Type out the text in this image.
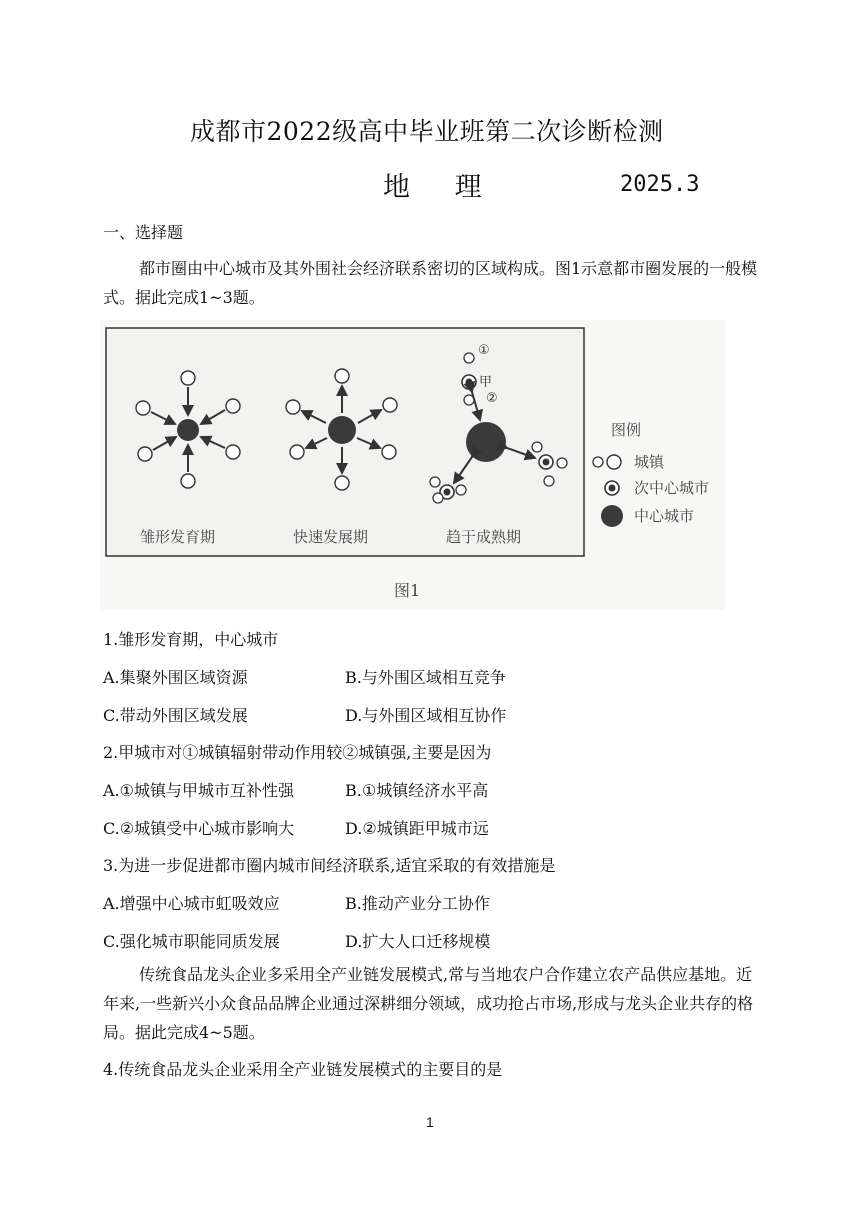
成都市2022级高中毕业班第二次诊断检测
地 理	2025.3
一、选择题
都市圈由中心城市及其外围社会经济联系密切的区域构成。图1示意都市圈发展的一般模式。据此完成1~3题。
①
甲
②
雏形发育期	快速发展期	趋于成熟期
图例
城镇
次中心城市
中心城市
图1
1.雏形发育期，中心城市
A.集聚外围区域资源	B.与外围区域相互竞争
C.带动外围区域发展	D.与外围区域相互协作
2.甲城市对①城镇辐射带动作用较②城镇强,主要是因为
A.①城镇与甲城市互补性强	B.①城镇经济水平高
C.②城镇受中心城市影响大	D.②城镇距甲城市远
3.为进一步促进都市圈内城市间经济联系,适宜采取的有效措施是
A.增强中心城市虹吸效应	B.推动产业分工协作
C.强化城市职能同质发展	D.扩大人口迁移规模
传统食品龙头企业多采用全产业链发展模式,常与当地农户合作建立农产品供应基地。近年来,一些新兴小众食品品牌企业通过深耕细分领域，成功抢占市场,形成与龙头企业共存的格局。据此完成4~5题。
4.传统食品龙头企业采用全产业链发展模式的主要目的是
1
